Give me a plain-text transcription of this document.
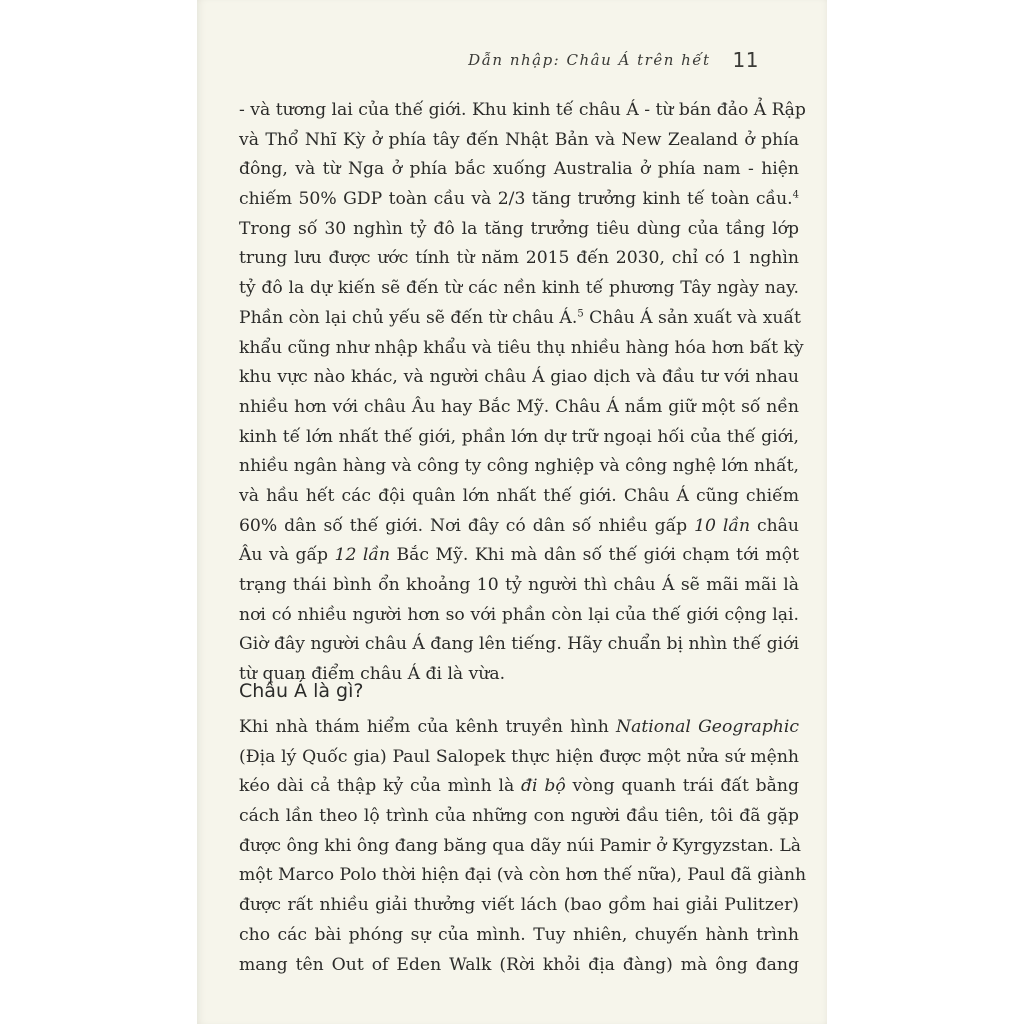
Dẫn nhập: Châu Á trên hết 11
- và tương lai của thế giới. Khu kinh tế châu Á - từ bán đảo Ả Rập
và Thổ Nhĩ Kỳ ở phía tây đến Nhật Bản và New Zealand ở phía
đông, và từ Nga ở phía bắc xuống Australia ở phía nam - hiện
chiếm 50% GDP toàn cầu và 2/3 tăng trưởng kinh tế toàn cầu.$^4$
Trong số 30 nghìn tỷ đô la tăng trưởng tiêu dùng của tầng lớp
trung lưu được ước tính từ năm 2015 đến 2030, chỉ có 1 nghìn
tỷ đô la dự kiến sẽ đến từ các nền kinh tế phương Tây ngày nay.
Phần còn lại chủ yếu sẽ đến từ châu Á.$^5$ Châu Á sản xuất và xuất
khẩu cũng như nhập khẩu và tiêu thụ nhiều hàng hóa hơn bất kỳ
khu vực nào khác, và người châu Á giao dịch và đầu tư với nhau
nhiều hơn với châu Âu hay Bắc Mỹ. Châu Á nắm giữ một số nền
kinh tế lớn nhất thế giới, phần lớn dự trữ ngoại hối của thế giới,
nhiều ngân hàng và công ty công nghiệp và công nghệ lớn nhất,
và hầu hết các đội quân lớn nhất thế giới. Châu Á cũng chiếm
60% dân số thế giới. Nơi đây có dân số nhiều gấp 10 lần châu
Âu và gấp 12 lần Bắc Mỹ. Khi mà dân số thế giới chạm tới một
trạng thái bình ổn khoảng 10 tỷ người thì châu Á sẽ mãi mãi là
nơi có nhiều người hơn so với phần còn lại của thế giới cộng lại.
Giờ đây người châu Á đang lên tiếng. Hãy chuẩn bị nhìn thế giới
từ quan điểm châu Á đi là vừa.
Châu Á là gì?
Khi nhà thám hiểm của kênh truyền hình National Geographic
(Địa lý Quốc gia) Paul Salopek thực hiện được một nửa sứ mệnh
kéo dài cả thập kỷ của mình là đi bộ vòng quanh trái đất bằng
cách lần theo lộ trình của những con người đầu tiên, tôi đã gặp
được ông khi ông đang băng qua dãy núi Pamir ở Kyrgyzstan. Là
một Marco Polo thời hiện đại (và còn hơn thế nữa), Paul đã giành
được rất nhiều giải thưởng viết lách (bao gồm hai giải Pulitzer)
cho các bài phóng sự của mình. Tuy nhiên, chuyến hành trình
mang tên Out of Eden Walk (Rời khỏi địa đàng) mà ông đang
